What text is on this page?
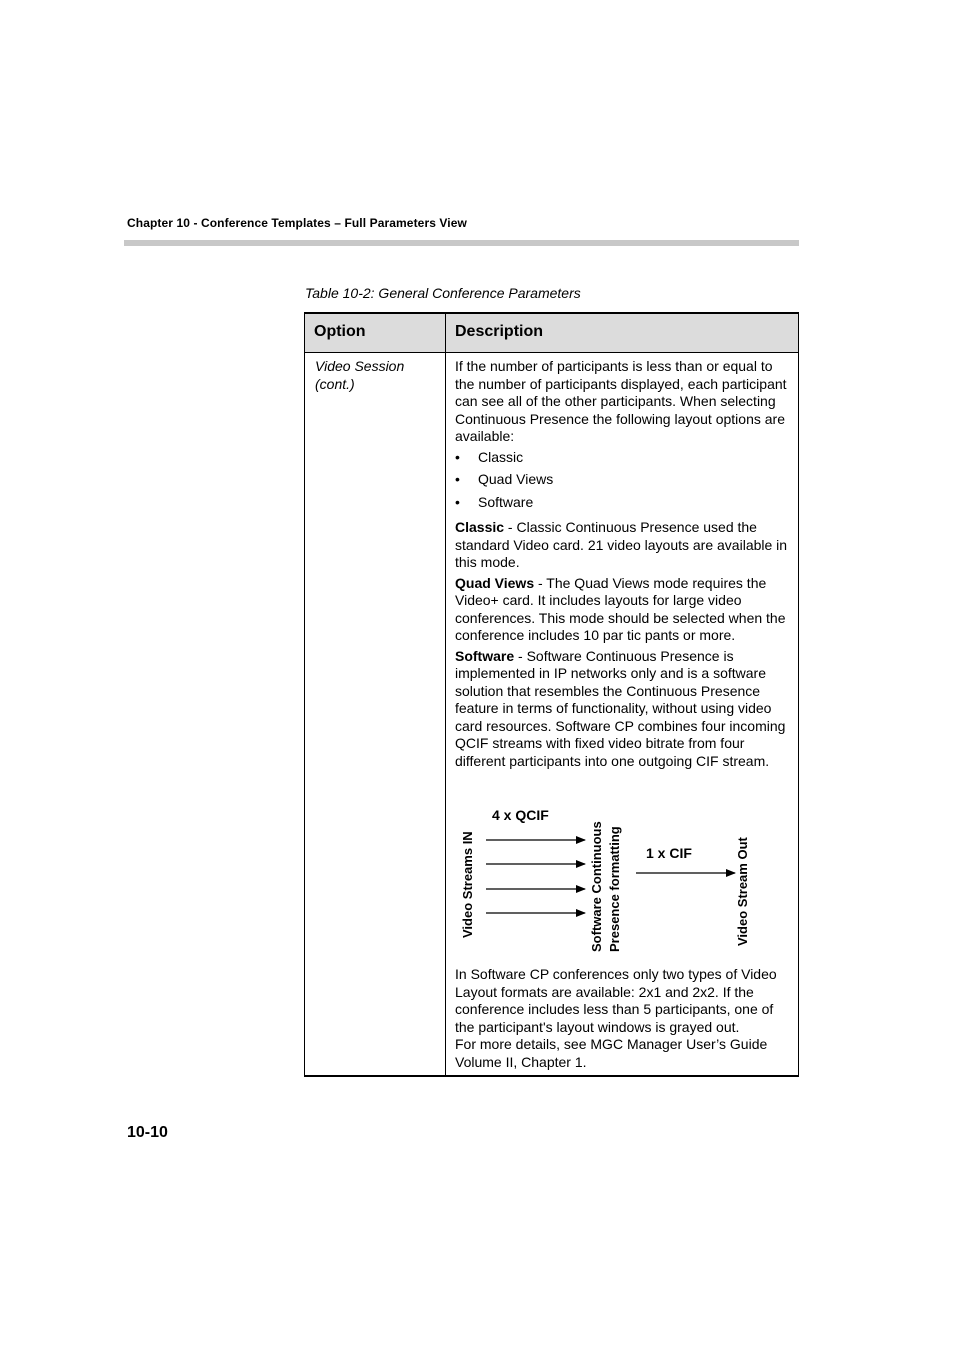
Chapter 10 - Conference Templates – Full Parameters View
Table 10-2: General Conference Parameters
Option	Description
Video Session
(cont.)

If the number of participants is less than or equal to the number of participants displayed, each participant can see all of the other participants. When selecting Continuous Presence the following layout options are available:

• Classic
• Quad Views
• Software

Classic - Classic Continuous Presence used the standard Video card. 21 video layouts are available in this mode.

Quad Views - The Quad Views mode requires the Video+ card. It includes layouts for large video conferences. This mode should be selected when the conference includes 10 par tic pants or more.

Software - Software Continuous Presence is implemented in IP networks only and is a software solution that resembles the Continuous Presence feature in terms of functionality, without using video card resources. Software CP combines four incoming QCIF streams with fixed video bitrate from four different participants into one outgoing CIF stream.

Video Streams IN
4 x QCIF
Software Continuous Presence formatting 1 x CIF	Video Stream Out

In Software CP conferences only two types of Video Layout formats are available: 2x1 and 2x2. If the conference includes less than 5 participants, one of the participant's layout windows is grayed out.

For more details, see MGC Manager User’s Guide Volume II, Chapter 1.

10-10
